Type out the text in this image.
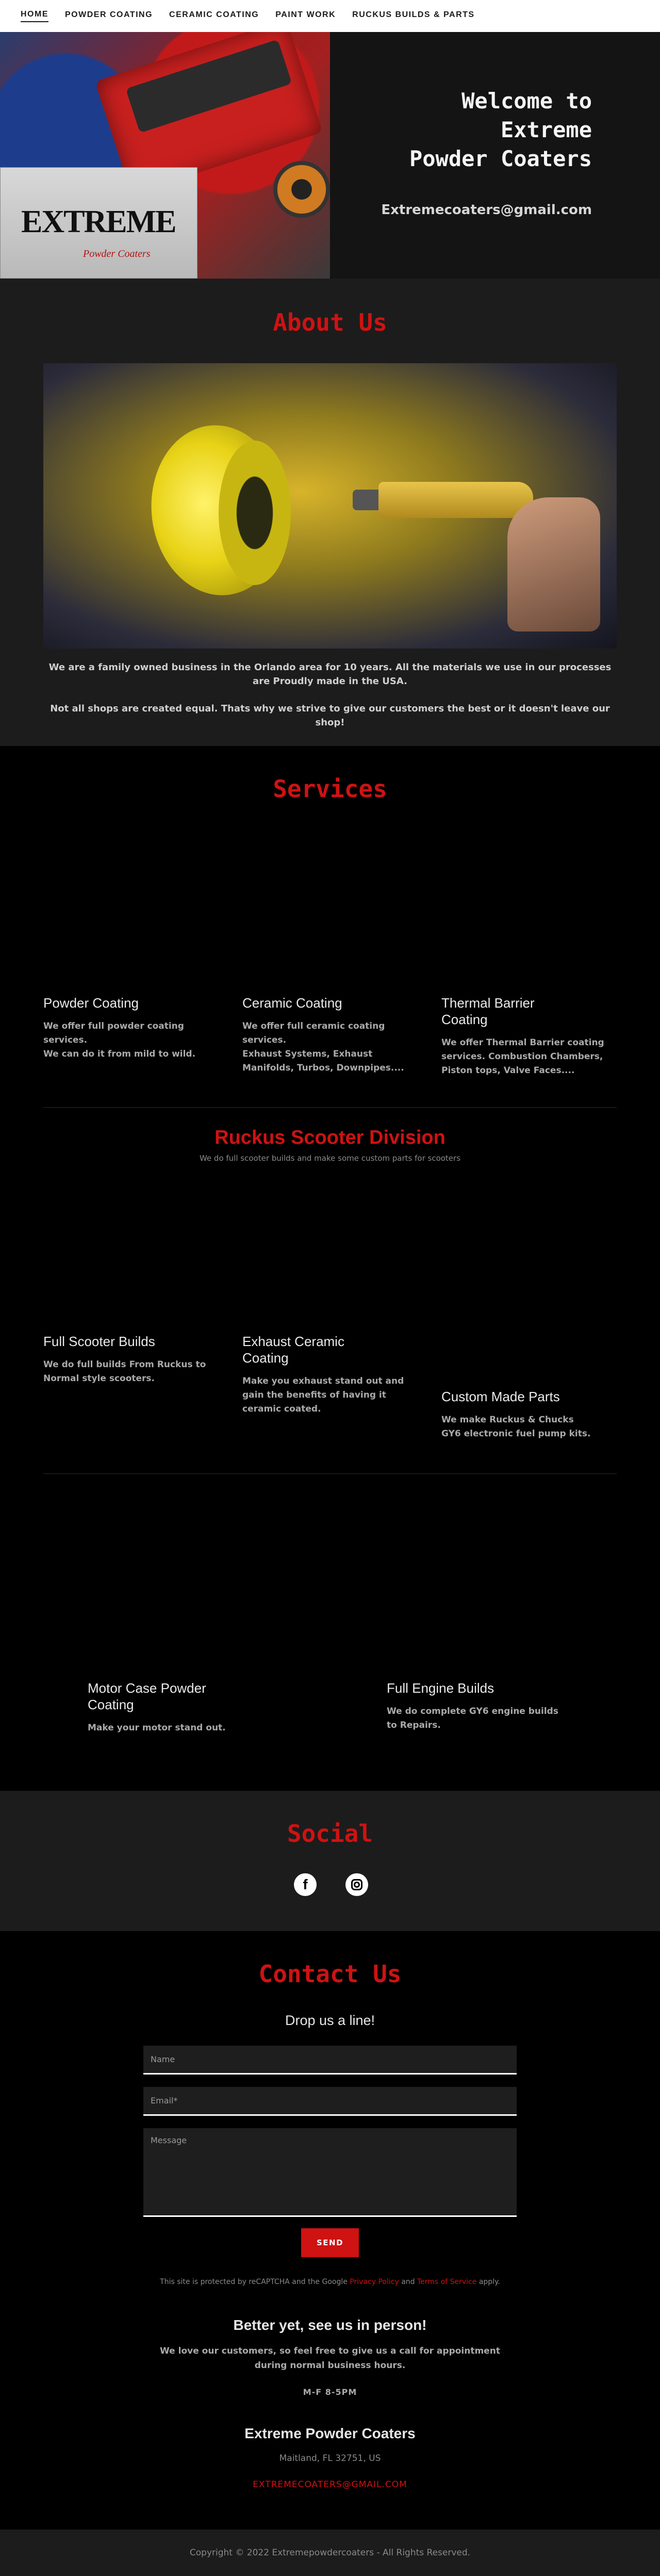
HOME POWDER COATING CERAMIC COATING PAINT WORK RUCKUS BUILDS & PARTS
EXTREME
Powder Coaters
Welcome to
Extreme
Powder Coaters
Extremecoaters@gmail.com
About Us

We are a family owned business in the Orlando area for 10 years. All the materials we use in our processes are Proudly made in the USA.

Not all shops are created equal. Thats why we strive to give our customers the best or it doesn't leave our shop!

Services
Powder Coating

We offer full powder coating services.
We can do it from mild to wild.

Ceramic Coating

We offer full ceramic coating services.
Exhaust Systems, Exhaust Manifolds, Turbos, Downpipes....

Thermal Barrier Coating

We offer Thermal Barrier coating services. Combustion Chambers, Piston tops, Valve Faces....

Ruckus Scooter Division

We do full scooter builds and make some custom parts for scooters

Full Scooter Builds

We do full builds From Ruckus to Normal style scooters.

Exhaust Ceramic Coating

Make you exhaust stand out and gain the benefits of having it ceramic coated.

Custom Made Parts

We make Ruckus & Chucks GY6 electronic fuel pump kits.

Motor Case Powder Coating

Make your motor stand out.

Full Engine Builds

We do complete GY6 engine builds to Repairs.

Social
f
Contact Us
Drop us a line!
Name
Email*
Message
SEND
This site is protected by reCAPTCHA and the Google Privacy Policy and Terms of Service apply.
Better yet, see us in person!

We love our customers, so feel free to give us a call for appointment during normal business hours.

M-F 8-5PM

Extreme Powder Coaters

Maitland, FL 32751, US

EXTREMECOATERS@GMAIL.COM

Copyright © 2022 Extremepowdercoaters - All Rights Reserved.
